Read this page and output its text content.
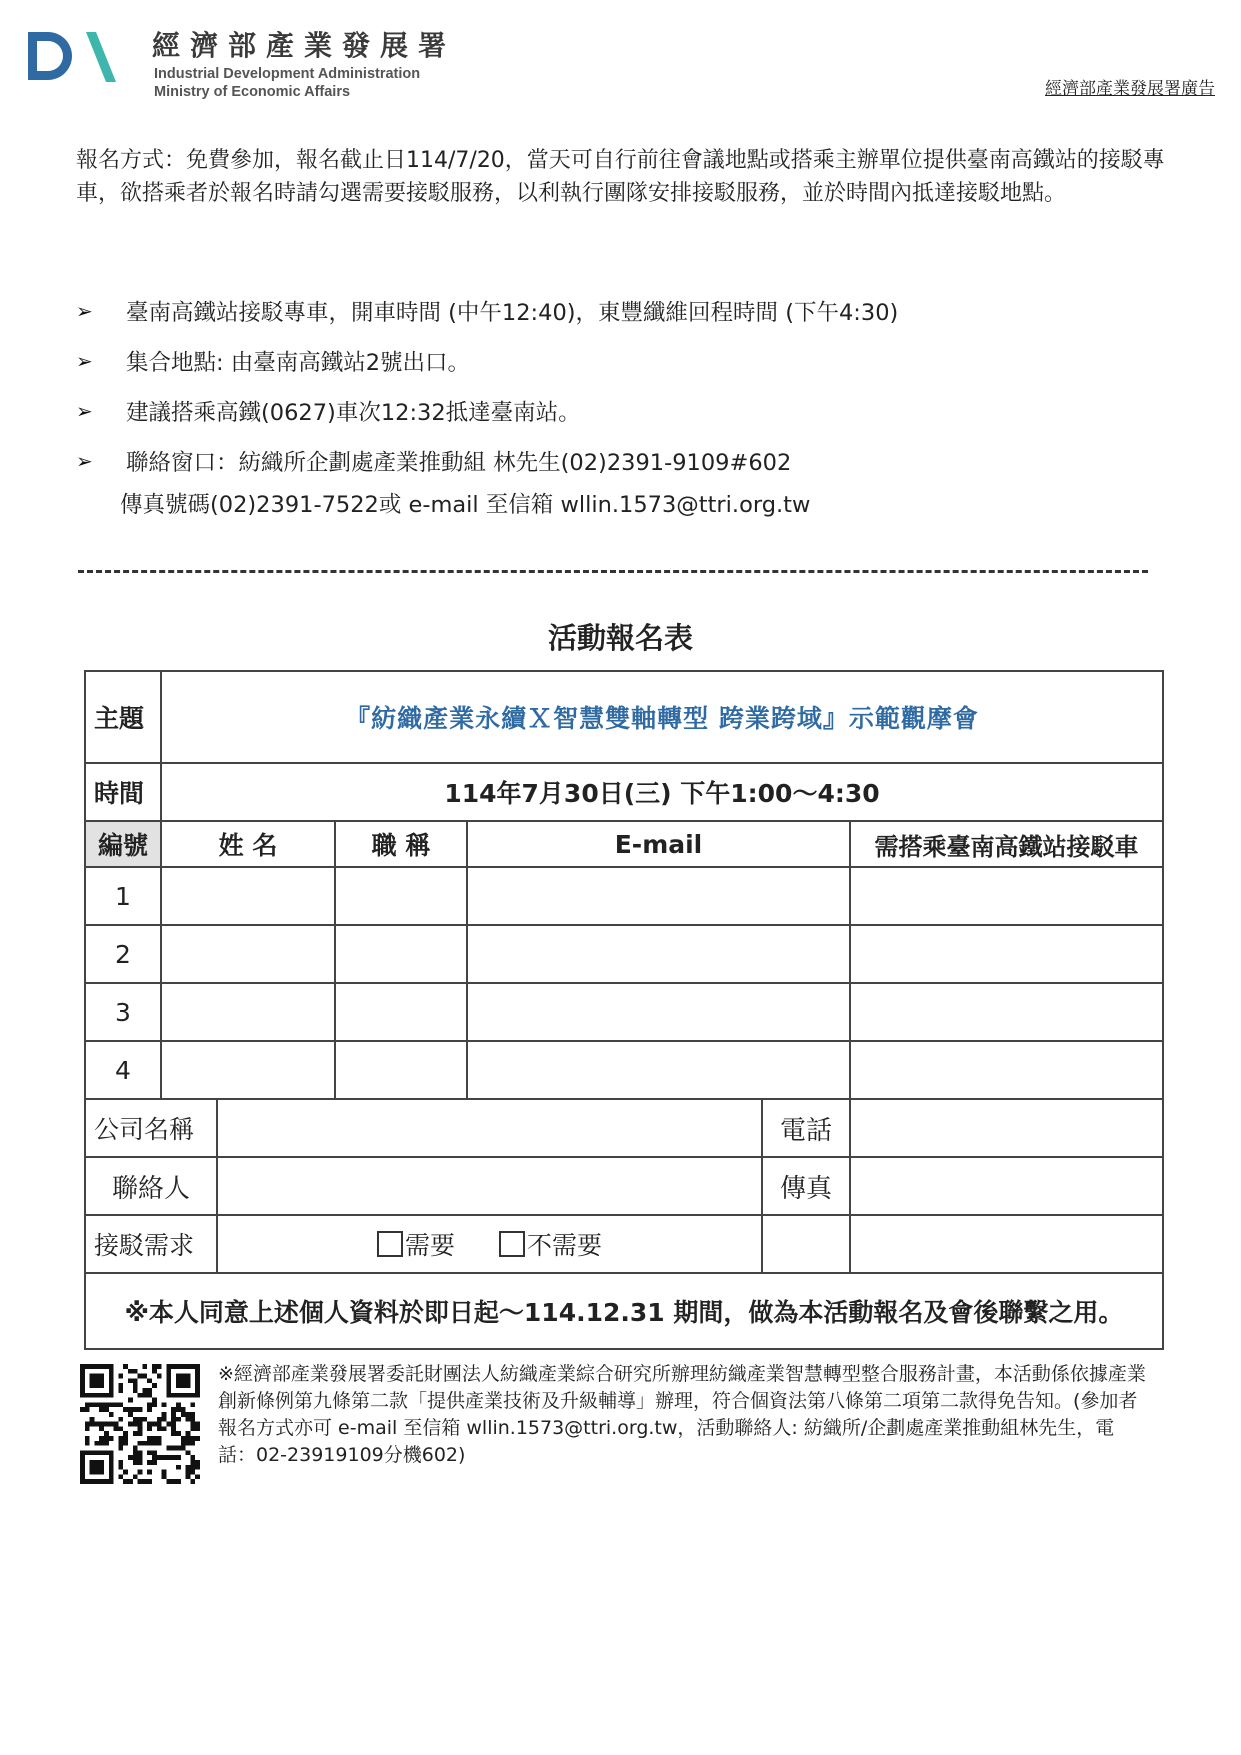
經濟部產業發展署
Industrial Development Administration
Ministry of Economic Affairs	經濟部產業發展署廣告

報名方式：免費參加，報名截止日114/7/20，當天可自行前往會議地點或搭乘主辦單位提供臺南高鐵站的接駁專車，欲搭乘者於報名時請勾選需要接駁服務，以利執行團隊安排接駁服務，並於時間內抵達接駁地點。

➢	臺南高鐵站接駁專車，開車時間 (中午12:40)，東豐纖維回程時間 (下午4:30)
➢	集合地點: 由臺南高鐵站2號出口。
➢	建議搭乘高鐵(0627)車次12:32抵達臺南站。
➢	聯絡窗口：紡織所企劃處產業推動組 林先生(02)2391-9109#602
傳真號碼(02)2391-7522或 e-mail 至信箱 wllin.1573@ttri.org.tw
活動報名表
主題	『紡織產業永續Ｘ智慧雙軸轉型 跨業跨域』示範觀摩會					
時間	114年7月30日(三) 下午1:00～4:30					
編號	姓 名		職 稱	E-mail		需搭乘臺南高鐵站接駁車
1						
2						
3						
4						
公司名稱					電話	
聯絡人					傳真	
接駁需求		需要 不需要				
※本人同意上述個人資料於即日起～114.12.31 期間，做為本活動報名及會後聯繫之用。						

※經濟部產業發展署委託財團法人紡織產業綜合研究所辦理紡織產業智慧轉型整合服務計畫，本活動係依據產業創新條例第九條第二款「提供產業技術及升級輔導」辦理，符合個資法第八條第二項第二款得免告知。(參加者報名方式亦可 e-mail 至信箱 wllin.1573@ttri.org.tw，活動聯絡人: 紡織所/企劃處產業推動組林先生，電話：02-23919109分機602)
